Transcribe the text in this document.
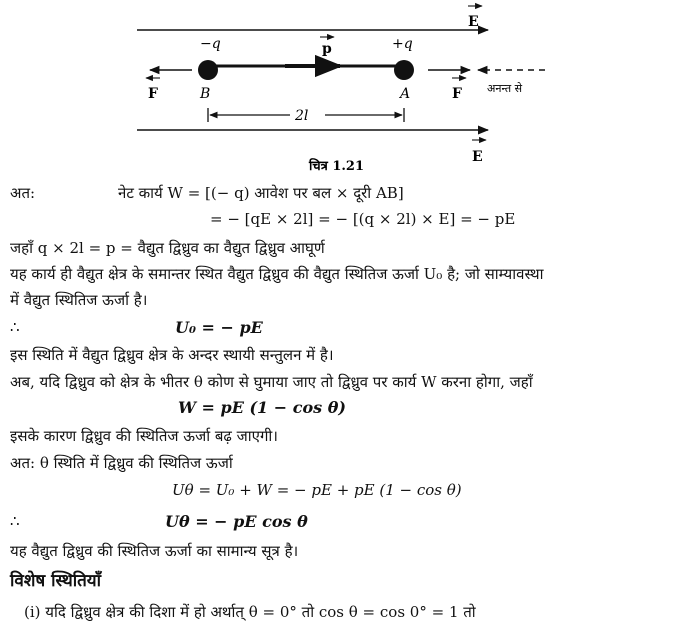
E
E
p
−q	+q
B	A
F	F अनन्त से
2l
चित्र 1.21
अत:	नेट कार्य W = [(− q) आवेश पर बल × दूरी AB]
= − [qE × 2l] = − [(q × 2l) × E] = − pE
जहाँ q × 2l = p = वैद्युत द्विध्रुव का वैद्युत द्विध्रुव आघूर्ण
यह कार्य ही वैद्युत क्षेत्र के समान्तर स्थित वैद्युत द्विध्रुव की वैद्युत स्थितिज ऊर्जा U₀ है; जो साम्यावस्था
में वैद्युत स्थितिज ऊर्जा है।
∴	U₀ = − pE
इस स्थिति में वैद्युत द्विध्रुव क्षेत्र के अन्दर स्थायी सन्तुलन में है।
अब, यदि द्विध्रुव को क्षेत्र के भीतर θ कोण से घुमाया जाए तो द्विध्रुव पर कार्य W करना होगा, जहाँ
W = pE (1 − cos θ)
इसके कारण द्विध्रुव की स्थितिज ऊर्जा बढ़ जाएगी।
अत: θ स्थिति में द्विध्रुव की स्थितिज ऊर्जा
Uθ = U₀ + W = − pE + pE (1 − cos θ)
∴	Uθ = − pE cos θ
यह वैद्युत द्विध्रुव की स्थितिज ऊर्जा का सामान्य सूत्र है।
विशेष स्थितियाँ
(i) यदि द्विध्रुव क्षेत्र की दिशा में हो अर्थात् θ = 0° तो cos θ = cos 0° = 1 तो
